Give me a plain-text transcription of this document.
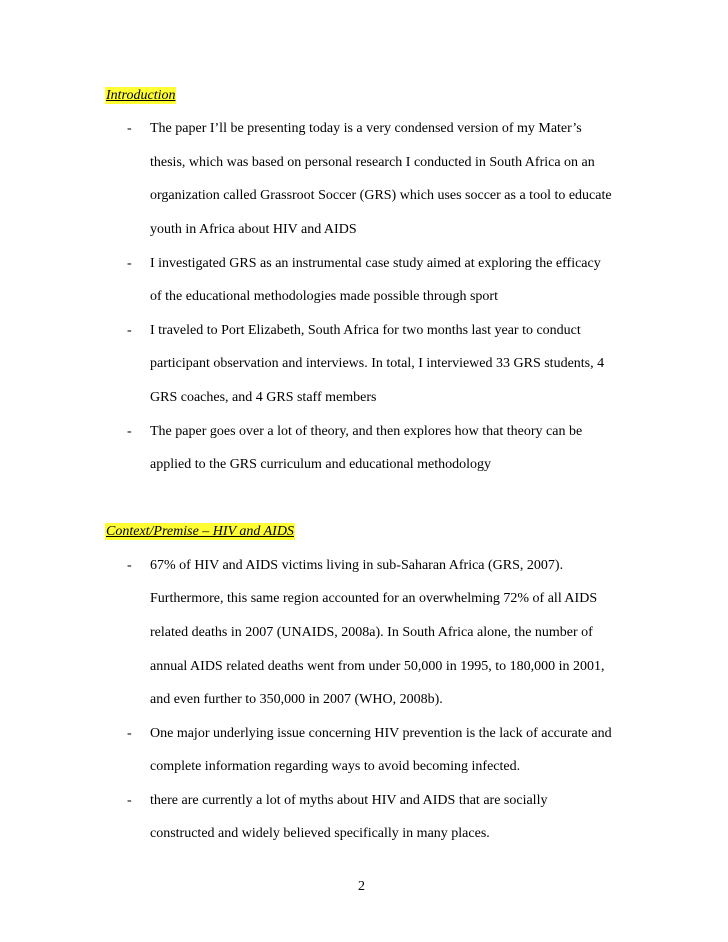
Introduction
- The paper I’ll be presenting today is a very condensed version of my Mater’s
thesis, which was based on personal research I conducted in South Africa on an
organization called Grassroot Soccer (GRS) which uses soccer as a tool to educate
youth in Africa about HIV and AIDS
- I investigated GRS as an instrumental case study aimed at exploring the efficacy
of the educational methodologies made possible through sport
- I traveled to Port Elizabeth, South Africa for two months last year to conduct
participant observation and interviews. In total, I interviewed 33 GRS students, 4
GRS coaches, and 4 GRS staff members
- The paper goes over a lot of theory, and then explores how that theory can be
applied to the GRS curriculum and educational methodology
Context/Premise – HIV and AIDS
- 67% of HIV and AIDS victims living in sub-Saharan Africa (GRS, 2007).
Furthermore, this same region accounted for an overwhelming 72% of all AIDS
related deaths in 2007 (UNAIDS, 2008a). In South Africa alone, the number of
annual AIDS related deaths went from under 50,000 in 1995, to 180,000 in 2001,
and even further to 350,000 in 2007 (WHO, 2008b).
- One major underlying issue concerning HIV prevention is the lack of accurate and
complete information regarding ways to avoid becoming infected.
- there are currently a lot of myths about HIV and AIDS that are socially
constructed and widely believed specifically in many places.
2
